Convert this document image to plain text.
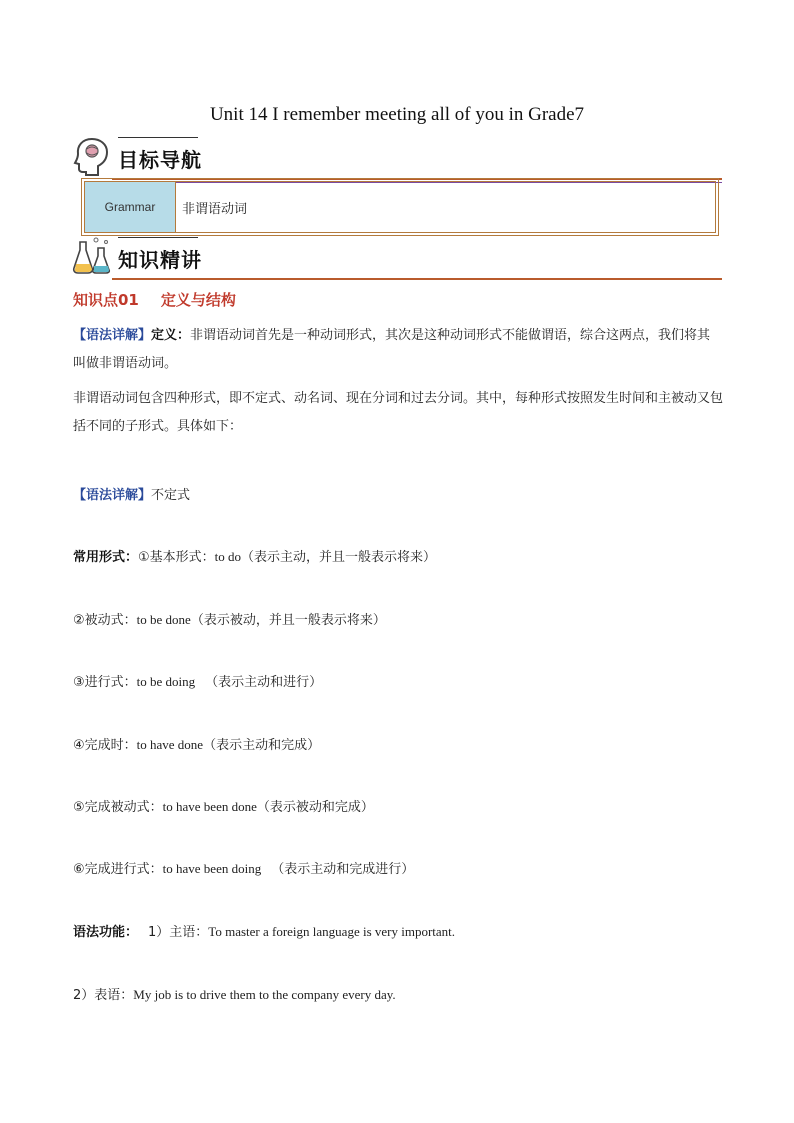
Unit 14 I remember meeting all of you in Grade7
目标导航
Grammar	非谓语动词
知识精讲
知识点01 定义与结构
【语法详解】定义：非谓语动词首先是一种动词形式，其次是这种动词形式不能做谓语，综合这两点，我们将其叫做非谓语动词。
非谓语动词包含四种形式，即不定式、动名词、现在分词和过去分词。其中，每种形式按照发生时间和主被动又包括不同的子形式。具体如下：
【语法详解】不定式
常用形式：①基本形式：to do（表示主动，并且一般表示将来）
②被动式：to be done（表示被动，并且一般表示将来）
③进行式：to be doing （表示主动和进行）
④完成时：to have done（表示主动和完成）
⑤完成被动式：to have been done（表示被动和完成）
⑥完成进行式：to have been doing （表示主动和完成进行）
语法功能： 1）主语：To master a foreign language is very important.
2）表语：My job is to drive them to the company every day.
